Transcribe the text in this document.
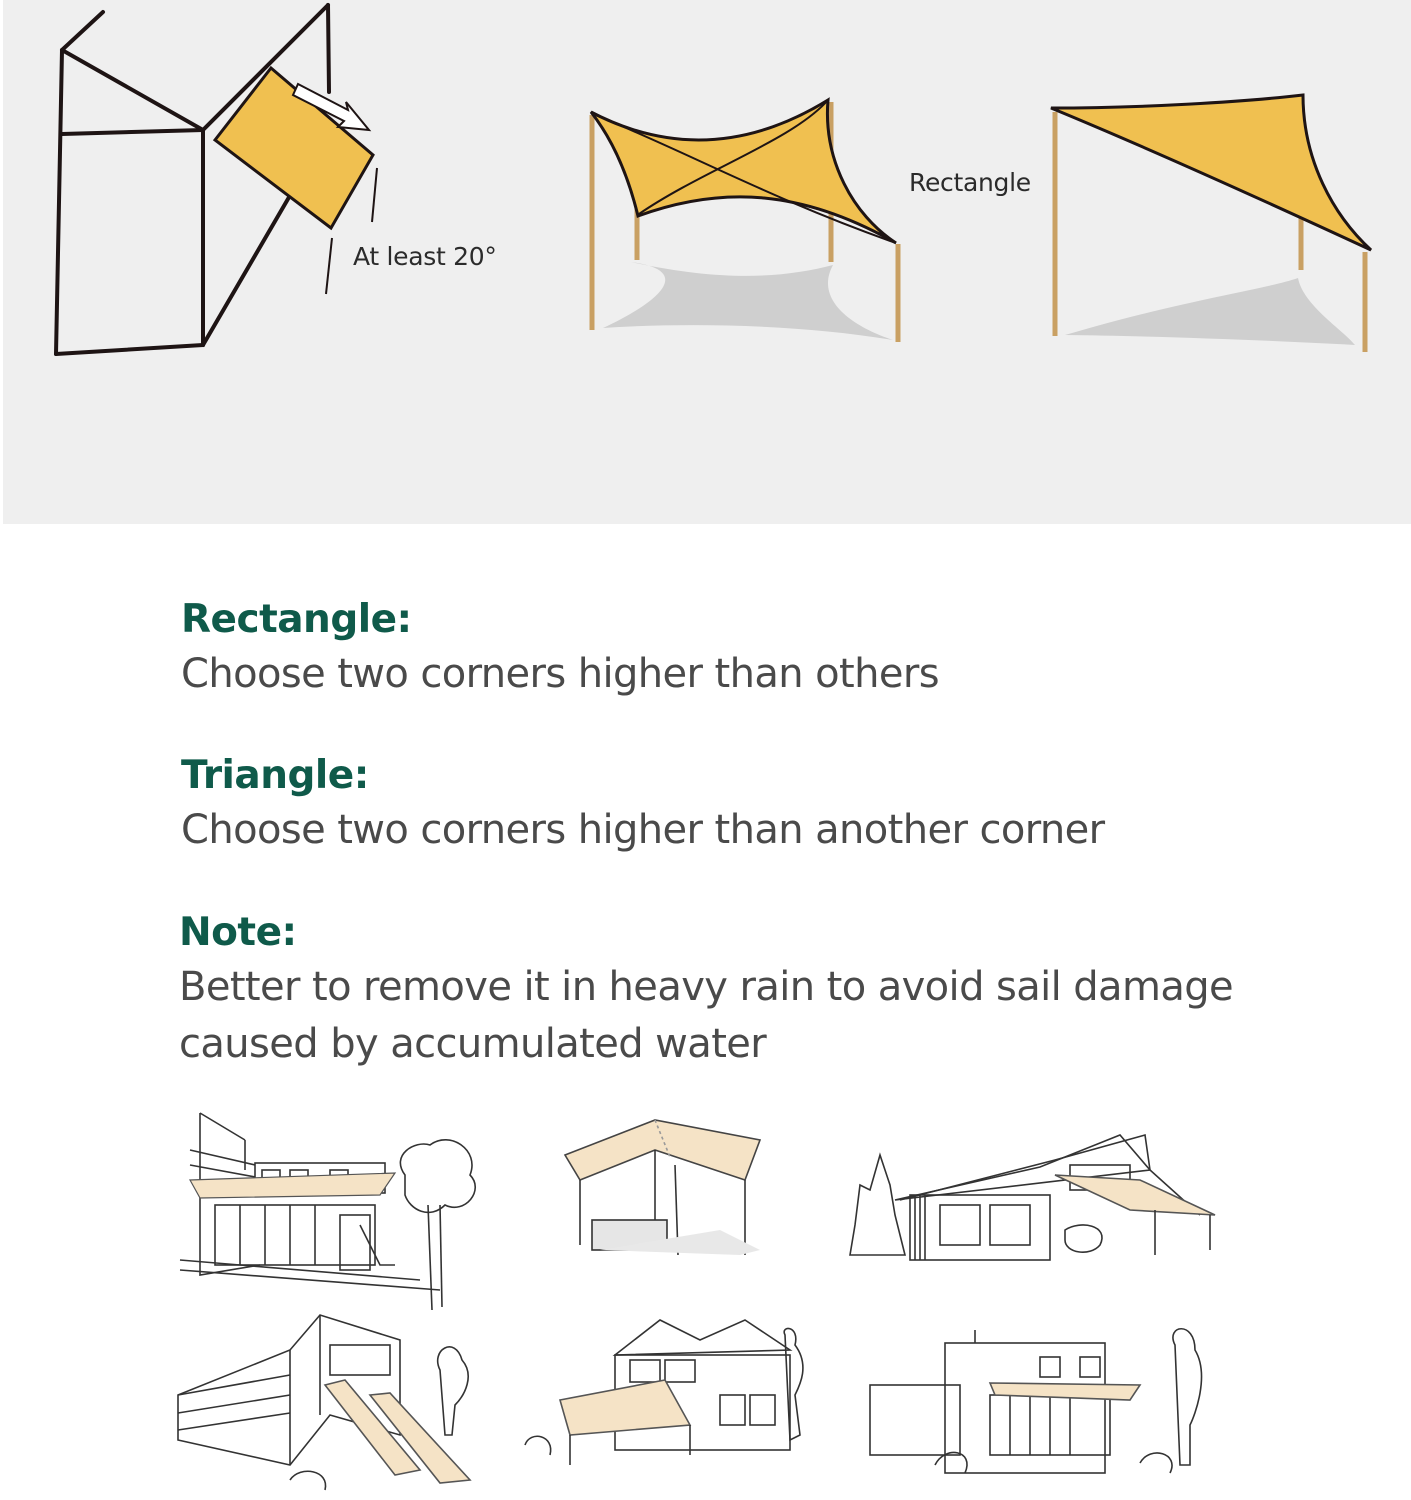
At least 20°
Rectangle
Rectangle:
Choose two corners higher than others
Triangle:
Choose two corners higher than another corner
Note:
Better to remove it in heavy rain to avoid sail damage caused by accumulated water
